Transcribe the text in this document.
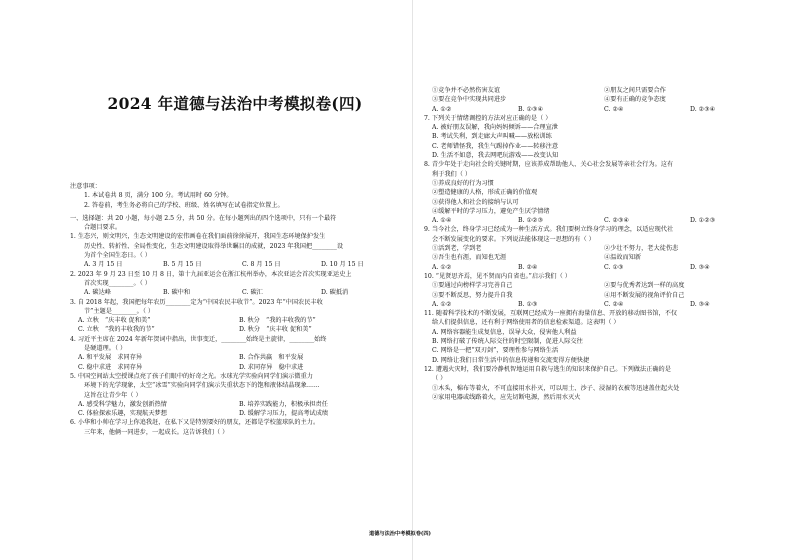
2024 年道德与法治中考模拟卷(四)
注意事项：
1. 本试卷共 8 页，满分 100 分。考试用时 60 分钟。
2. 答卷前，考生务必将自己的学校、班级、姓名填写在试卷指定位置上。
一、选择题：共 20 小题，每小题 2.5 分，共 50 分。在每小题列出的四个选项中，只有一个最符
合题目要求。
1. 生态兴，则文明兴，生态文明建设的宏伟画卷在我们面前徐徐展开，我国生态环境保护发生
历史性、转折性、全局性变化，生态文明建设取得举世瞩目的成就，2023 年我国把________设
为首个全国生态日。（ ）
A. 3 月 15 日	B. 5 月 15 日	C. 8 月 15 日	D. 10 月 15 日
2. 2023 年 9 月 23 日至 10 月 8 日，第十九届亚运会在浙江杭州举办，本次亚运会首次实现亚运史上
首次实现________。（ ）
A. 碳达峰	B. 碳中和	C. 碳汇	D. 碳抵消
3. 自 2018 年起，我国把每年农历________定为“中国农民丰收节”。2023 年“中国农民丰收
节”主题是________。（ ）
A. 立秋　“庆丰收 促和美”	B. 秋分　“我的丰收我的节”
C. 立秋　“我的丰收我的节”	D. 秋分　“庆丰收 促和美”
4. 习近平主席在 2024 年新年贺词中指出，世事变迁，________始终是主旋律，________始终
是硬道理。（ ）
A. 和平发展　求同存异	B. 合作共赢　和平发展
C. 稳中求进　求同存异	D. 求同存异　稳中求进
5. 中国空间站太空授课点亮了孩子们眼中的好奇之光。水球光学实验向同学们演示微重力
环境下的光学现象，太空“冰雪”实验向同学们演示失重状态下的饱和液体结晶现象……
这旨在让青少年（ ）
A. 感受科学魅力，激发创新热情	B. 培养实践能力，积极承担责任
C. 体验探索乐趣，实现航天梦想	D. 缓解学习压力，提高考试成绩
6. 小华和小帅在学习上你追我赶，在私下又是特别要好的朋友，还都是学校篮球队的主力。
三年来，他俩一同进步，一起成长。这告诉我们（ ）
①竞争并不必然伤害友谊	②朋友之间只需要合作
③要在竞争中实现共同进步	④要有正确的竞争态度
A. ①②	B. ①③④	C. ②④	D. ②③④
7. 下列关于情绪调控的方法对应正确的是（ ）
A. 被好朋友误解，我向妈妈倾诉——合理宣泄
B. 考试失利，到走廊大声叫喊——放松训练
C. 老师错怪我，我生气踢掉作业——转移注意
D. 生活不如意，我去网吧玩游戏——改变认知
8. 青少年处于走向社会的关键时期，应该养成帮助他人、关心社会发展等亲社会行为。这有
利于我们（ ）
①养成良好的行为习惯
②塑造健康的人格，形成正确的价值观
③获得他人和社会的接纳与认可
④缓解平时的学习压力，避免产生厌学情绪
A. ①④	B. ①②③	C. ②③④	D. ①②③
9. 当今社会，终身学习已经成为一种生活方式。我们要树立终身学习的理念，以适应现代社
会不断发展变化的要求。下列说法能体现这一思想的有（ ）
①活到老，学到老	②少壮不努力，老大徒伤悲
③吾生也有涯，而知也无涯	④温故而知新
A. ①②	B. ②④	C. ①③	D. ③④
10. “见贤思齐焉，见不贤而内自省也。”启示我们（ ）
①要通过向榜样学习完善自己	②要与优秀者达到一样的高度
③要不断反思，努力提升自我	④用不断发展的视角评价自己
A. ①②	B. ①③	C. ②④	D. ③④
11. 随着科学技术的不断发展，互联网已经成为一座拥有海量信息、开放的移动图书馆，不仅
给人们提供信息，还有利于网络使用者的信息检索渠道。这表明（ ）
A. 网络容器能生成复信息，误导大众，侵害他人利益
B. 网络打破了传统人际交往的时空限制，促进人际交往
C. 网络是一把“双刃剑”，要理性参与网络生活
D. 网络让我们日常生活中的信息传递和交流变得方便快捷
12. 遭遇火灾时，我们要冷静机智地运用自救与逃生的知识来保护自己。下列做法正确的是
（ ）
①木头，棉布等着火，不可直接用水扑灭，可以用土、沙子、浸湿的衣被等迅速盖住起火处
②家用电器或线路着火，应先切断电源，然后用水灭火
道德与法治中考模拟卷(四)
